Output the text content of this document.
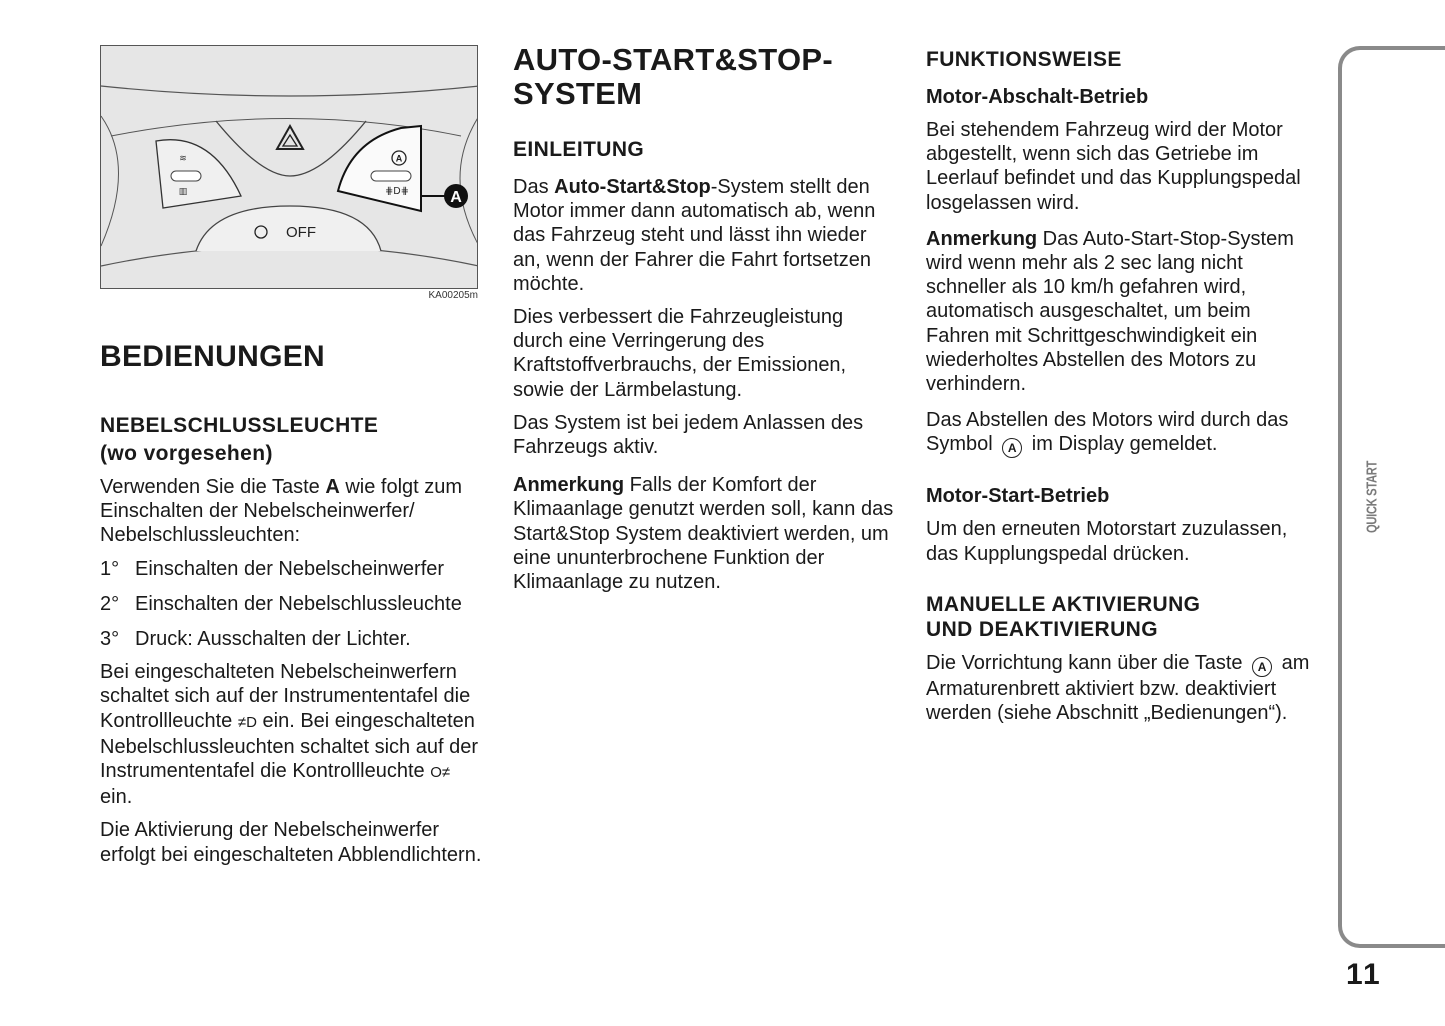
≋
▥
A
⋕D⋕	A
OFF
KA00205m
BEDIENUNGEN
NEBELSCHLUSSLEUCHTE
(wo vorgesehen)
Verwenden Sie die Taste A wie folgt zum Einschalten der Nebelscheinwerfer/ Nebelschlussleuchten:
1° Einschalten der Nebelscheinwerfer
2° Einschalten der Nebelschlussleuchte
3° Druck: Ausschalten der Lichter.
Bei eingeschalteten Nebelscheinwerfern schaltet sich auf der Instrumententafel die Kontrollleuchte ≠D ein. Bei eingeschalteten Nebelschlussleuchten schaltet sich auf der Instrumententafel die Kontrollleuchte O≠ ein.
Die Aktivierung der Nebelscheinwerfer erfolgt bei eingeschalteten Abblendlichtern.
AUTO-START&STOP-
SYSTEM
EINLEITUNG
Das Auto-Start&Stop-System stellt den Motor immer dann automatisch ab, wenn das Fahrzeug steht und lässt ihn wieder an, wenn der Fahrer die Fahrt fortsetzen möchte.
Dies verbessert die Fahrzeugleistung durch eine Verringerung des Kraftstoffverbrauchs, der Emissionen, sowie der Lärmbelastung.
Das System ist bei jedem Anlassen des Fahrzeugs aktiv.
Anmerkung Falls der Komfort der Klimaanlage genutzt werden soll, kann das Start&Stop System deaktiviert werden, um eine ununterbrochene Funktion der Klimaanlage zu nutzen.
FUNKTIONSWEISE
Motor-Abschalt-Betrieb
Bei stehendem Fahrzeug wird der Motor abgestellt, wenn sich das Getriebe im Leerlauf befindet und das Kupplungspedal losgelassen wird.
Anmerkung Das Auto-Start-Stop-System wird wenn mehr als 2 sec lang nicht schneller als 10 km/h gefahren wird, automatisch ausgeschaltet, um beim Fahren mit Schrittgeschwindigkeit ein wiederholtes Abstellen des Motors zu verhindern.
Das Abstellen des Motors wird durch das Symbol A im Display gemeldet.
Motor-Start-Betrieb
Um den erneuten Motorstart zuzulassen, das Kupplungspedal drücken.
MANUELLE AKTIVIERUNG
UND DEAKTIVIERUNG
Die Vorrichtung kann über die Taste A am Armaturenbrett aktiviert bzw. deaktiviert werden (siehe Abschnitt „Bedienungen“).
QUICK START
11
